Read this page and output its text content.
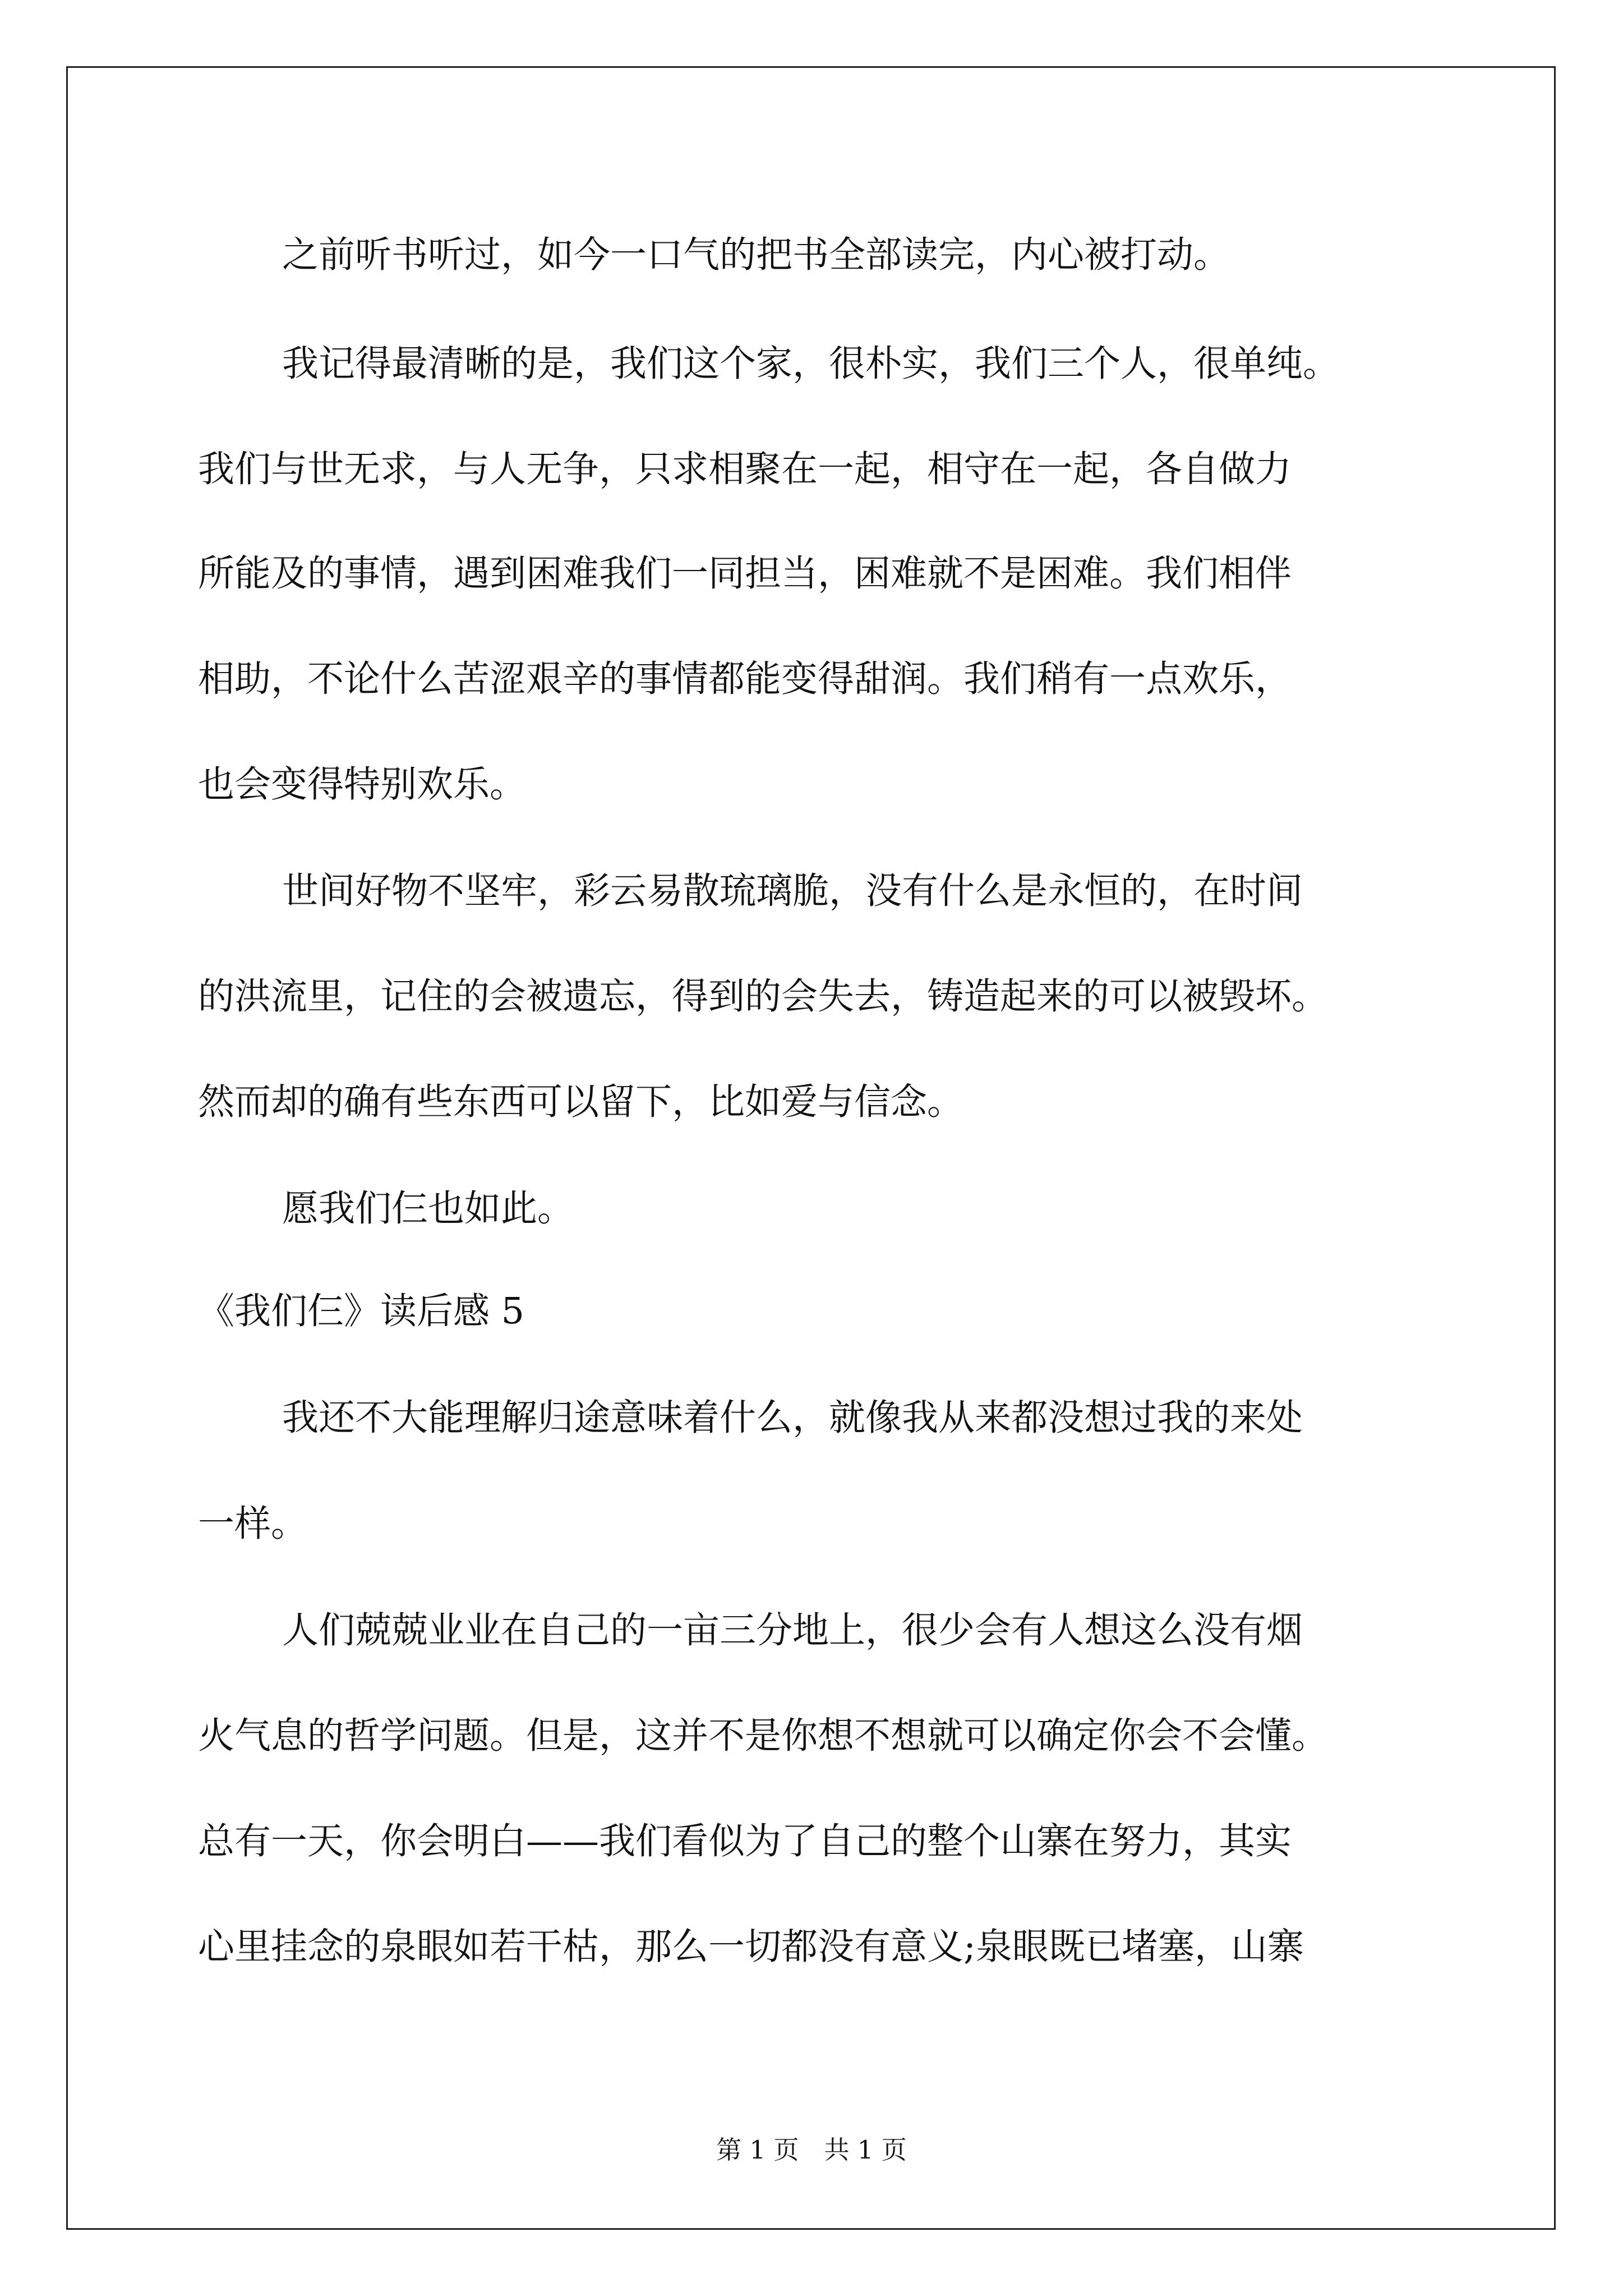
之前听书听过，如今一口气的把书全部读完，内心被打动。
我记得最清晰的是，我们这个家，很朴实，我们三个人，很单纯。
我们与世无求，与人无争，只求相聚在一起，相守在一起，各自做力
所能及的事情，遇到困难我们一同担当，困难就不是困难。我们相伴
相助，不论什么苦涩艰辛的事情都能变得甜润。我们稍有一点欢乐，
也会变得特别欢乐。
世间好物不坚牢，彩云易散琉璃脆，没有什么是永恒的，在时间
的洪流里，记住的会被遗忘，得到的会失去，铸造起来的可以被毁坏。
然而却的确有些东西可以留下，比如爱与信念。
愿我们仨也如此。
《我们仨》读后感 5
我还不大能理解归途意味着什么，就像我从来都没想过我的来处
一样。
人们兢兢业业在自己的一亩三分地上，很少会有人想这么没有烟
火气息的哲学问题。但是，这并不是你想不想就可以确定你会不会懂。
总有一天，你会明白——我们看似为了自己的整个山寨在努力，其实
心里挂念的泉眼如若干枯，那么一切都没有意义;泉眼既已堵塞，山寨
第 1 页　共 1 页
